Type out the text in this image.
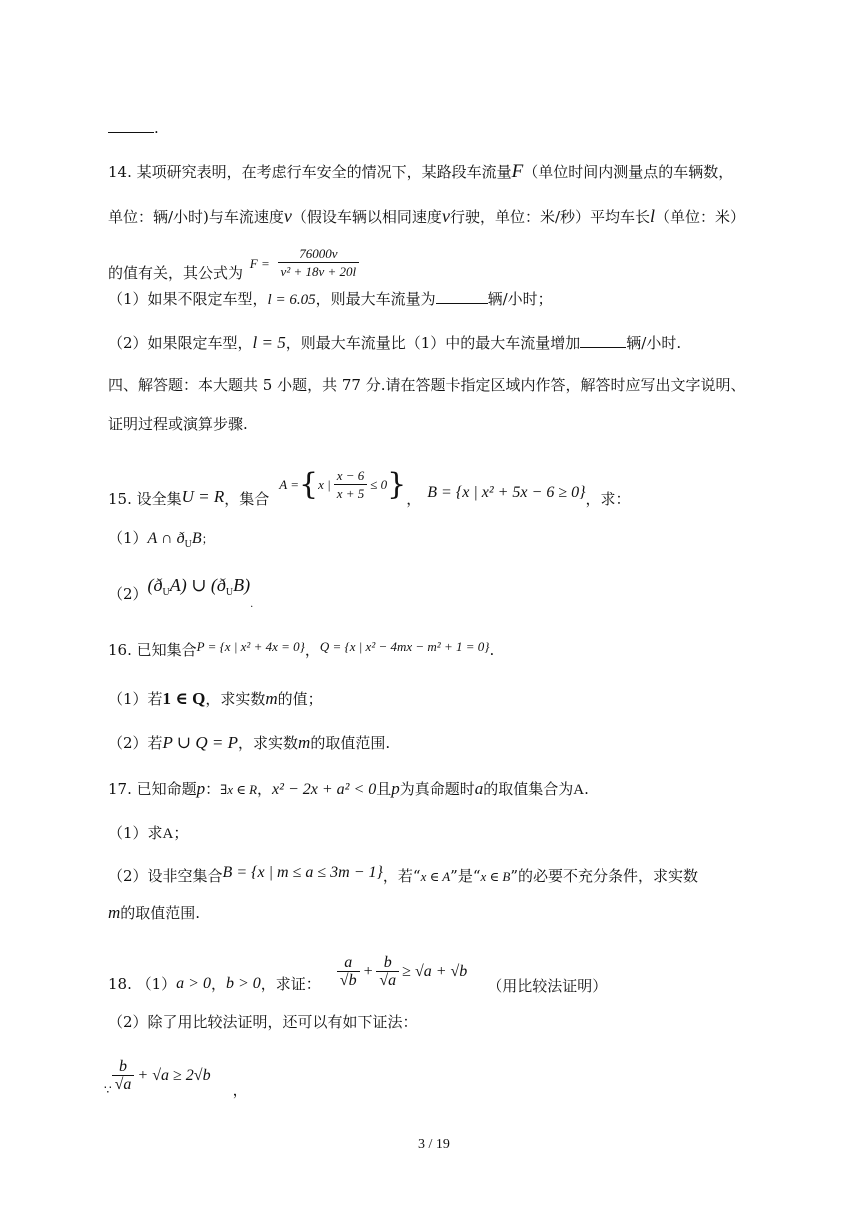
.
14. 某项研究表明，在考虑行车安全的情况下，某路段车流量F（单位时间内测量点的车辆数，
单位：辆/小时)与车流速度v（假设车辆以相同速度v行驶，单位：米/秒）平均车长l（单位：米）
的值有关，其公式为 $F = \frac{76000v}{\text{v² + 18v + 20l}}$
（1）如果不限定车型，l = 6.05，则最大车流量为	辆/小时；
（2）如果限定车型，l = 5，则最大车流量比（1）中的最大车流量增加	辆/小时.
四、解答题：本大题共 5 小题，共 77 分.请在答题卡指定区域内作答，解答时应写出文字说明、
证明过程或演算步骤.
15. 设全集 U = R ，集合
A = { x | $\frac{x - 6}{x + 5} \le 0$ } ， B = {x | x² + 5x − 6 ≥ 0} ，求：
（1）A ∩ $ð_UB$；
$(2)(ð_UA)$ ∪ $(ð_UB)_.$
16. 已知集合P = {x | x² + 4x = 0}，Q = {x | x² − 4mx − m² + 1 = 0}.
（1）若1 ∈ Q，求实数m的值；
（2）若P ∪ Q = P，求实数m的取值范围.
17. 已知命题p：∃x ∈ R，x² − 2x + a² < 0且p为真命题时a的取值集合为A.
（1）求A；
（2）设非空集合B = {x | m ≤ a ≤ 3m − 1}，若“x ∈ A”是“x ∈ B”的必要不充分条件，求实数
m的取值范围.
18. （1） a > 0 ， b > 0 ，求证： $\frac{a}{√b} + \frac{b}{√a} \ge √a + √b$
（用比较法证明）
（2）除了用比较法证明，还可以有如下证法：
∵ $\frac{b}{√a} + √a \ge 2√b$
，
3 / 19
